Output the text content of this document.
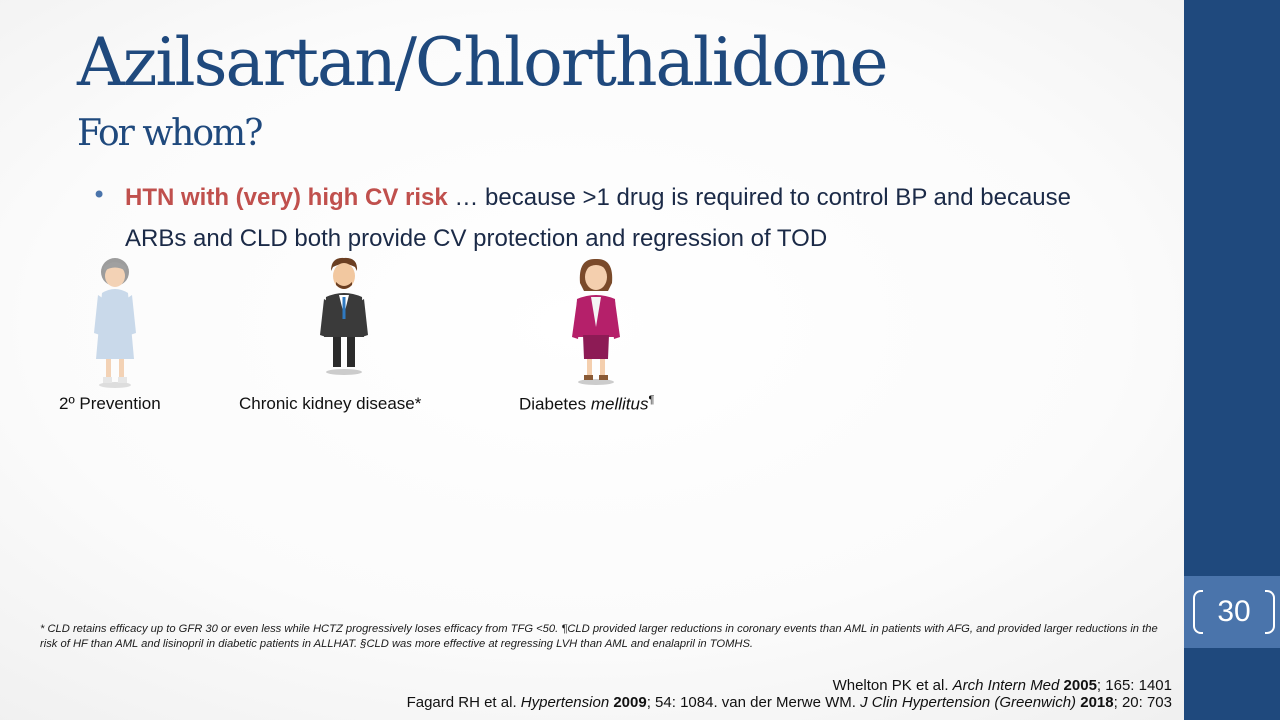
30
Azilsartan/Chlorthalidone
For whom?
• HTN with (very) high CV risk … because >1 drug is required to control BP and because ARBs and CLD both provide CV protection and regression of TOD
2º Prevention	Chronic kidney disease*	Diabetes mellitus¶
* CLD retains efficacy up to GFR 30 or even less while HCTZ progressively loses efficacy from TFG <50. ¶CLD provided larger reductions in coronary events than AML in patients with AFG, and provided larger reductions in the risk of HF than AML and lisinopril in diabetic patients in ALLHAT. §CLD was more effective at regressing LVH than AML and enalapril in TOMHS.
Whelton PK et al. Arch Intern Med 2005; 165: 1401
Fagard RH et al. Hypertension 2009; 54: 1084. van der Merwe WM. J Clin Hypertension (Greenwich) 2018; 20: 703
